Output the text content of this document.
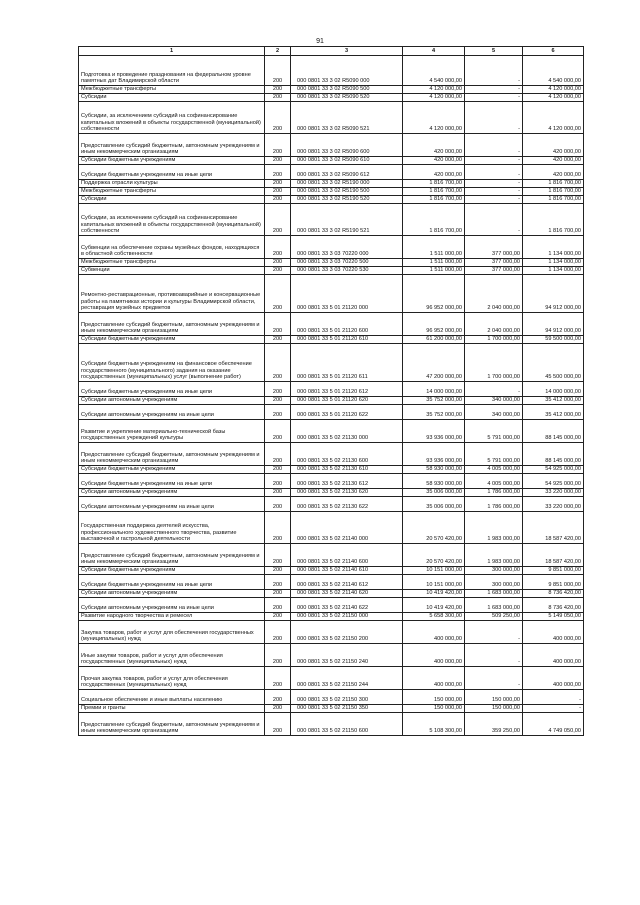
91
1	2	3	4	5	6
Подготовка и проведение празднования на федеральном уровне памятных дат Владимирской области	200	000 0801 33 3 02 R5090 000	4 540 000,00	-	4 540 000,00
Межбюджетные трансферты	200	000 0801 33 3 02 R5090 500	4 120 000,00	-	4 120 000,00
Субсидии	200	000 0801 33 3 02 R5090 520	4 120 000,00	-	4 120 000,00
Субсидии, за исключением субсидий на софинансирование капитальных вложений в объекты государственной (муниципальной) собственности	200	000 0801 33 3 02 R5090 521	4 120 000,00	-	4 120 000,00
Предоставление субсидий бюджетным, автономным учреждениям и иным некоммерческим организациям	200	000 0801 33 3 02 R5090 600	420 000,00	-	420 000,00
Субсидии бюджетным учреждениям	200	000 0801 33 3 02 R5090 610	420 000,00	-	420 000,00
Субсидии бюджетным учреждениям на иные цели	200	000 0801 33 3 02 R5090 612	420 000,00	-	420 000,00
Поддержка отрасли культуры	200	000 0801 33 3 02 R5190 000	1 816 700,00	-	1 816 700,00
Межбюджетные трансферты	200	000 0801 33 3 02 R5190 500	1 816 700,00	-	1 816 700,00
Субсидии	200	000 0801 33 3 02 R5190 520	1 816 700,00	-	1 816 700,00
Субсидии, за исключением субсидий на софинансирование капитальных вложений в объекты государственной (муниципальной) собственности	200	000 0801 33 3 02 R5190 521	1 816 700,00	-	1 816 700,00
Субвенции на обеспечение охраны музейных фондов, находящихся в областной собственности	200	000 0801 33 3 03 70220 000	1 511 000,00	377 000,00	1 134 000,00
Межбюджетные трансферты	200	000 0801 33 3 03 70220 500	1 511 000,00	377 000,00	1 134 000,00
Субвенции	200	000 0801 33 3 03 70220 530	1 511 000,00	377 000,00	1 134 000,00
Ремонтно-реставрационные, противоаварийные и консервационные работы на памятниках истории и культуры Владимирской области, реставрация музейных предметов	200	000 0801 33 5 01 21120 000	96 952 000,00	2 040 000,00	94 912 000,00
Предоставление субсидий бюджетным, автономным учреждениям и иным некоммерческим организациям	200	000 0801 33 5 01 21120 600	96 952 000,00	2 040 000,00	94 912 000,00
Субсидии бюджетным учреждениям	200	000 0801 33 5 01 21120 610	61 200 000,00	1 700 000,00	59 500 000,00
Субсидии бюджетным учреждениям на финансовое обеспечение государственного (муниципального) задания на оказание государственных (муниципальных) услуг (выполнение работ)	200	000 0801 33 5 01 21120 611	47 200 000,00	1 700 000,00	45 500 000,00
Субсидии бюджетным учреждениям на иные цели	200	000 0801 33 5 01 21120 612	14 000 000,00	-	14 000 000,00
Субсидии автономным учреждениям	200	000 0801 33 5 01 21120 620	35 752 000,00	340 000,00	35 412 000,00
Субсидии автономным учреждениям на иные цели	200	000 0801 33 5 01 21120 622	35 752 000,00	340 000,00	35 412 000,00
Развитие и укрепление материально-технической базы государственных учреждений культуры	200	000 0801 33 5 02 21130 000	93 936 000,00	5 791 000,00	88 145 000,00
Предоставление субсидий бюджетным, автономным учреждениям и иным некоммерческим организациям	200	000 0801 33 5 02 21130 600	93 936 000,00	5 791 000,00	88 145 000,00
Субсидии бюджетным учреждениям	200	000 0801 33 5 02 21130 610	58 930 000,00	4 005 000,00	54 925 000,00
Субсидии бюджетным учреждениям на иные цели	200	000 0801 33 5 02 21130 612	58 930 000,00	4 005 000,00	54 925 000,00
Субсидии автономным учреждениям	200	000 0801 33 5 02 21130 620	35 006 000,00	1 786 000,00	33 220 000,00
Субсидии автономным учреждениям на иные цели	200	000 0801 33 5 02 21130 622	35 006 000,00	1 786 000,00	33 220 000,00
Государственная поддержка деятелей искусства, профессионального художественного творчества, развитие выставочной и гастрольной деятельности	200	000 0801 33 5 02 21140 000	20 570 420,00	1 983 000,00	18 587 420,00
Предоставление субсидий бюджетным, автономным учреждениям и иным некоммерческим организациям	200	000 0801 33 5 02 21140 600	20 570 420,00	1 983 000,00	18 587 420,00
Субсидии бюджетным учреждениям	200	000 0801 33 5 02 21140 610	10 151 000,00	300 000,00	9 851 000,00
Субсидии бюджетным учреждениям на иные цели	200	000 0801 33 5 02 21140 612	10 151 000,00	300 000,00	9 851 000,00
Субсидии автономным учреждениям	200	000 0801 33 5 02 21140 620	10 419 420,00	1 683 000,00	8 736 420,00
Субсидии автономным учреждениям на иные цели	200	000 0801 33 5 02 21140 622	10 419 420,00	1 683 000,00	8 736 420,00
Развитие народного творчества и ремесел	200	000 0801 33 5 02 21150 000	5 658 300,00	509 250,00	5 149 050,00
Закупка товаров, работ и услуг для обеспечения государственных (муниципальных) нужд	200	000 0801 33 5 02 21150 200	400 000,00	-	400 000,00
Иные закупки товаров, работ и услуг для обеспечения государственных (муниципальных) нужд	200	000 0801 33 5 02 21150 240	400 000,00	-	400 000,00
Прочая закупка товаров, работ и услуг для обеспечения государственных (муниципальных) нужд	200	000 0801 33 5 02 21150 244	400 000,00	-	400 000,00
Социальное обеспечение и иные выплаты населению	200	000 0801 33 5 02 21150 300	150 000,00	150 000,00	-
Премии и гранты	200	000 0801 33 5 02 21150 350	150 000,00	150 000,00	-
Предоставление субсидий бюджетным, автономным учреждениям и иным некоммерческим организациям	200	000 0801 33 5 02 21150 600	5 108 300,00	359 250,00	4 749 050,00
